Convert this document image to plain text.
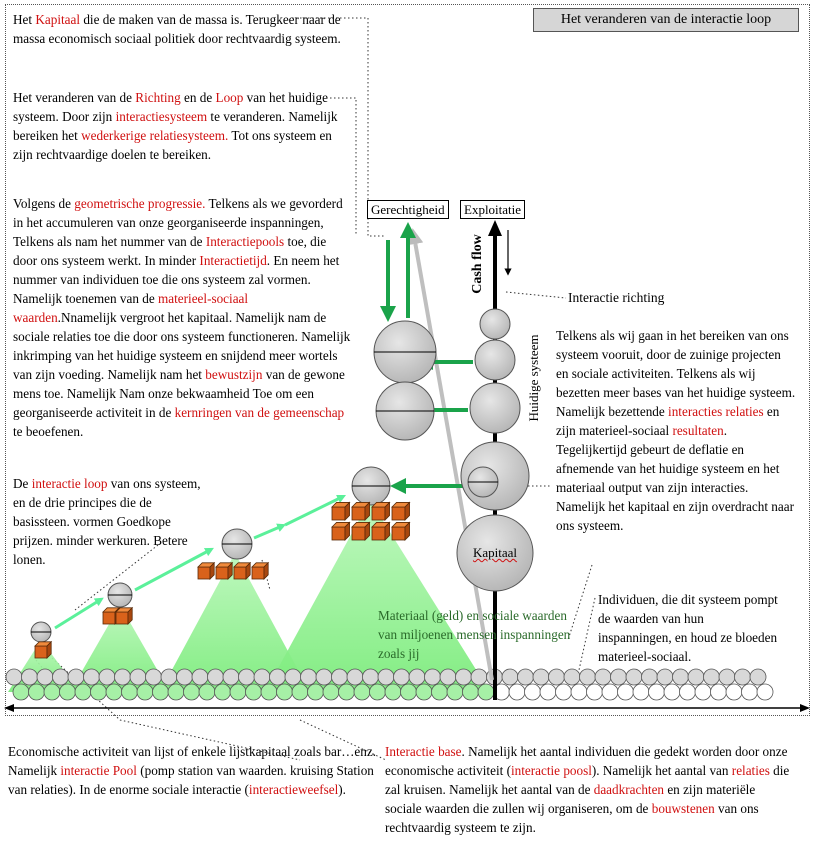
Het veranderen van de interactie loop
Gerechtigheid	Exploitatie
Cash flow
Huidige systeem
Kapitaal
Interactie richting
Het Kapitaal die de maken van de massa is. Terugkeer naar de massa economisch sociaal politiek door rechtvaardig systeem.
Het veranderen van de Richting en de Loop van het huidige systeem. Door zijn interactiesysteem te veranderen. Namelijk bereiken het wederkerige relatiesysteem. Tot ons systeem en zijn rechtvaardige doelen te bereiken.
Volgens de geometrische progressie. Telkens als we gevorderd in het accumuleren van onze georganiseerde inspanningen, Telkens als nam het nummer van de Interactiepools toe, die door ons systeem werkt. In minder Interactietijd. En neem het nummer van individuen toe die ons systeem zal vormen. Namelijk toenemen van de materieel-sociaal waarden.Nnamelijk vergroot het kapitaal. Namelijk nam de sociale relaties toe die door ons systeem functioneren. Namelijk inkrimping van het huidige systeem en snijdend meer wortels van zijn voeding. Namelijk nam het bewustzijn van de gewone mens toe. Namelijk Nam onze bekwaamheid Toe om een georganiseerde activiteit in de kernringen van de gemeenschap te beoefenen.
De interactie loop van ons systeem, en de drie principes die de basissteen. vormen Goedkope prijzen. minder werkuren. Betere lonen.
Telkens als wij gaan in het bereiken van ons systeem vooruit, door de zuinige projecten en sociale activiteiten. Telkens als wij bezetten meer bases van het huidige systeem. Namelijk bezettende interacties relaties en zijn materieel-sociaal resultaten. Tegelijkertijd gebeurt de deflatie en afnemende van het huidige systeem en het materiaal output van zijn interacties. Namelijk het kapitaal en zijn overdracht naar ons systeem.
Individuen, die dit systeem pompt de waarden van hun inspanningen, en houd ze bloeden materieel-sociaal.
Materiaal (geld) en sociale waarden van miljoenen mensen inspanningen zoals jij
Economische activiteit van lijst of enkele lijstkapitaal zoals bar…enz. Namelijk interactie Pool (pomp station van waarden. kruising Station van relaties). In de enorme sociale interactie (interactieweefsel).
Interactie base. Namelijk het aantal individuen die gedekt worden door onze economische activiteit (interactie poosl). Namelijk het aantal van relaties die zal kruisen. Namelijk het aantal van de daadkrachten en zijn materiële sociale waarden die zullen wij organiseren, om de bouwstenen van ons rechtvaardig systeem te zijn.
